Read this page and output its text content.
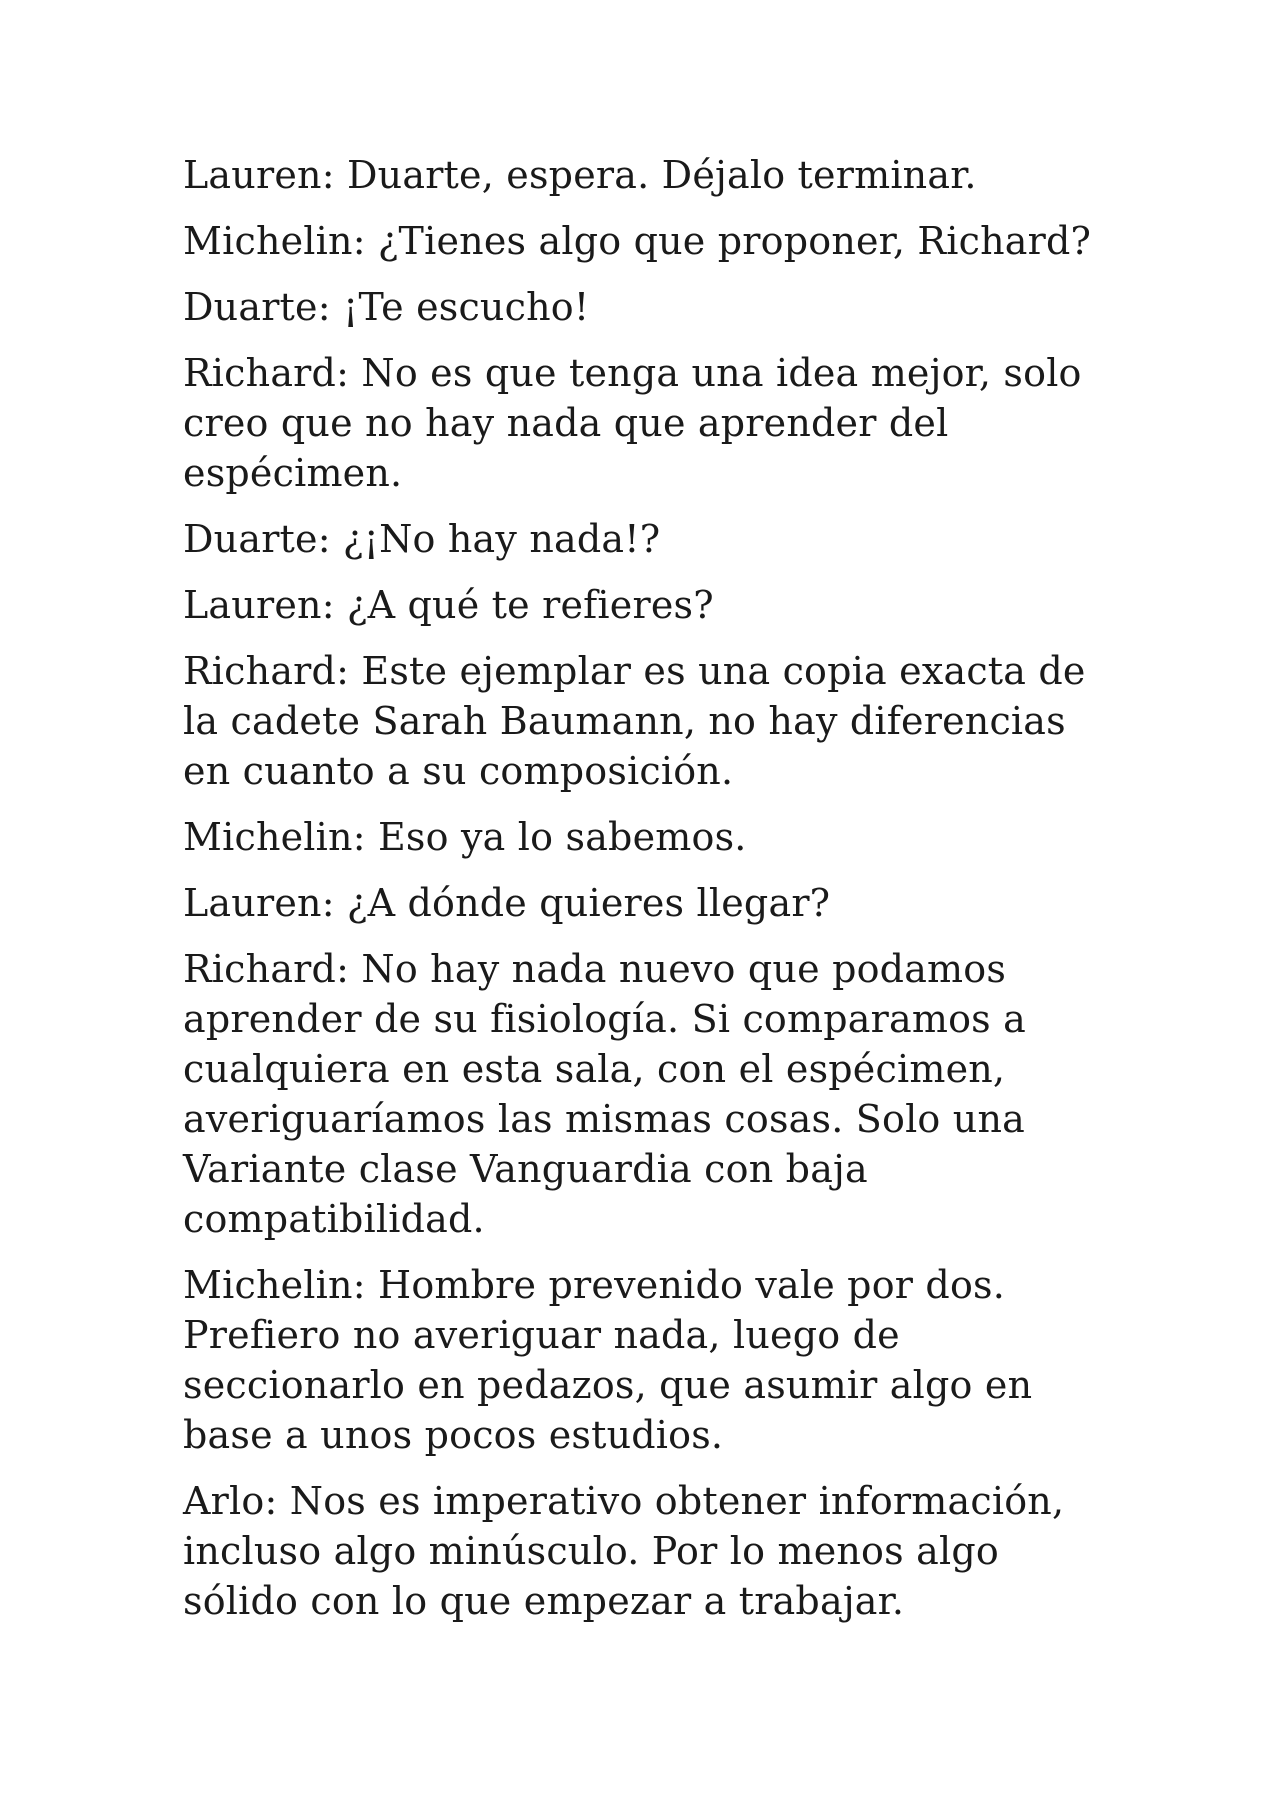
Lauren: Duarte, espera. Déjalo terminar.

Michelin: ¿Tienes algo que proponer, Richard?

Duarte: ¡Te escucho!

Richard: No es que tenga una idea mejor, solo creo que no hay nada que aprender del espécimen.

Duarte: ¿¡No hay nada!?

Lauren: ¿A qué te refieres?

Richard: Este ejemplar es una copia exacta de la cadete Sarah Baumann, no hay diferencias en cuanto a su composición.

Michelin: Eso ya lo sabemos.

Lauren: ¿A dónde quieres llegar?

Richard: No hay nada nuevo que podamos aprender de su fisiología. Si comparamos a cualquiera en esta sala, con el espécimen, averiguaríamos las mismas cosas. Solo una Variante clase Vanguardia con baja compatibilidad.

Michelin: Hombre prevenido vale por dos. Prefiero no averiguar nada, luego de seccionarlo en pedazos, que asumir algo en base a unos pocos estudios.

Arlo: Nos es imperativo obtener información, incluso algo minúsculo. Por lo menos algo sólido con lo que empezar a trabajar.
